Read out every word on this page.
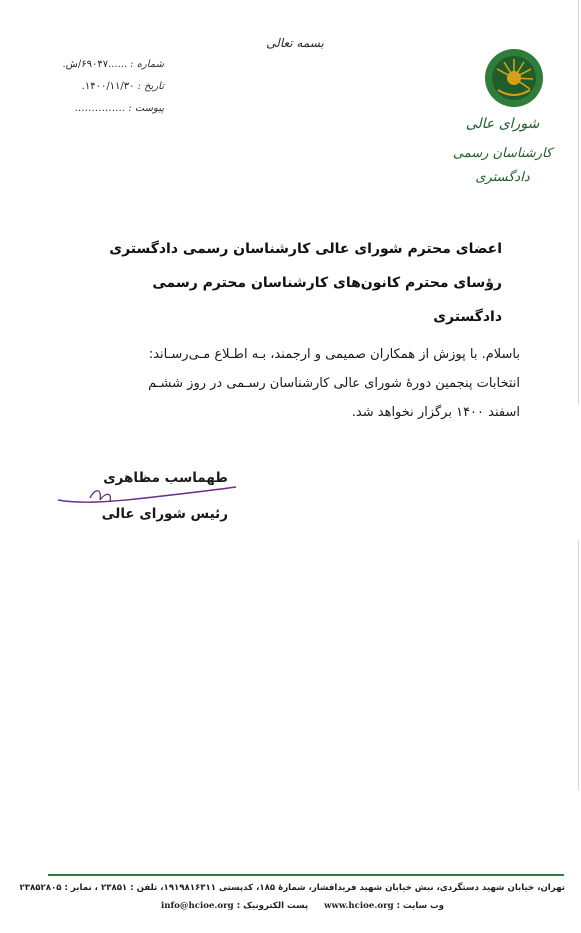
بسمه تعالی
شماره :
......۶۹۰۴۷/ش.
تاریخ :
۱۴۰۰/۱۱/۳۰.
پیوست :
...............
شورای عالی
کارشناسان رسمی دادگستری
اعضای محترم شورای عالی کارشناسان رسمی دادگستری
رؤسای محترم کانون‌های کارشناسان محترم رسمی دادگستری
باسلام. با پوزش از همکاران صمیمی و ارجمند، بـه اطـلاع مـی‌رسـاند:
انتخابات پنجمین دورهٔ شورای عالی کارشناسان رسـمی در روز ششـم
اسفند ۱۴۰۰ برگزار نخواهد شد.
طهماسب مظاهری
رئیس شورای عالی
تهران، خیابان شهید دستگردی، نبش خیابان شهید فریدافشار، شمارهٔ ۱۸۵، کدپستی ۱۹۱۹۸۱۶۳۱۱، تلفن : ۲۳۸۵۱ ، نمابر : ۲۳۸۵۲۸۰۵
وب سایت : www.hcioe.org  پست الکترونیک : info@hcioe.org
